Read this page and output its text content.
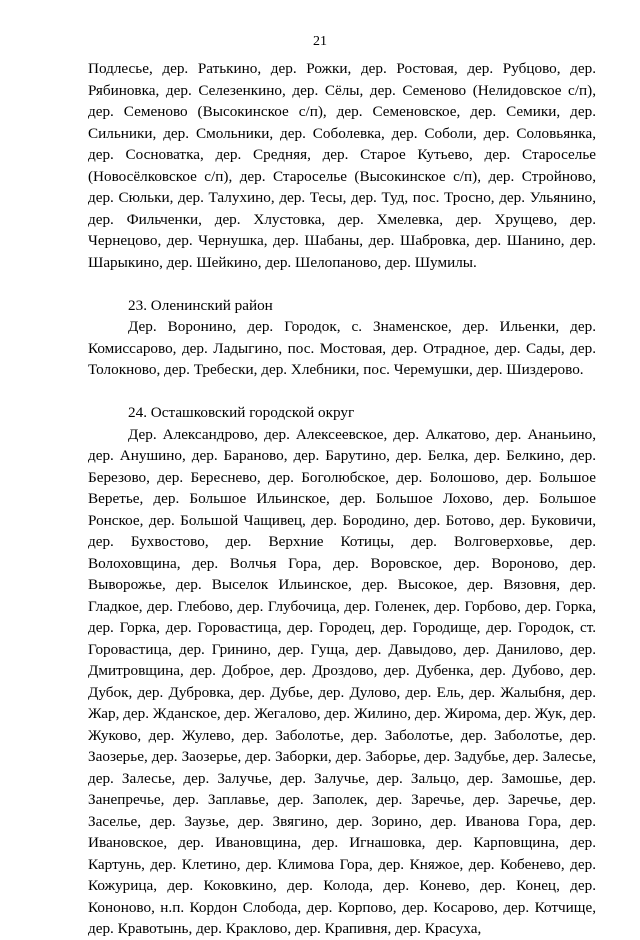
21

Подлесье, дер. Ратькино, дер. Рожки, дер. Ростовая, дер. Рубцово, дер. Рябиновка, дер. Селезенкино, дер. Сёлы, дер. Семеново (Нелидовское с/п), дер. Семеново (Высокинское с/п), дер. Семеновское, дер. Семики, дер. Сильники, дер. Смольники, дер. Соболевка, дер. Соболи, дер. Соловьянка, дер. Сосноватка, дер. Средняя, дер. Старое Кутьево, дер. Староселье (Новосёлковское с/п), дер. Староселье (Высокинское с/п), дер. Стройново, дер. Сюльки, дер. Талухино, дер. Тесы, дер. Туд, пос. Тросно, дер. Ульянино, дер. Фильченки, дер. Хлустовка, дер. Хмелевка, дер. Хрущево, дер. Чернецово, дер. Чернушка, дер. Шабаны, дер. Шабровка, дер. Шанино, дер. Шарыкино, дер. Шейкино, дер. Шелопаново, дер. Шумилы.

23. Оленинский район

Дер. Воронино, дер. Городок, с. Знаменское, дер. Ильенки, дер. Комиссарово, дер. Ладыгино, пос. Мостовая, дер. Отрадное, дер. Сады, дер. Толокново, дер. Требески, дер. Хлебники, пос. Черемушки, дер. Шиздерово.

24. Осташковский городской округ

Дер. Александрово, дер. Алексеевское, дер. Алкатово, дер. Ананьино, дер. Анушино, дер. Бараново, дер. Барутино, дер. Белка, дер. Белкино, дер. Березово, дер. Береснево, дер. Боголюбское, дер. Болошово, дер. Большое Веретье, дер. Большое Ильинское, дер. Большое Лохово, дер. Большое Ронское, дер. Большой Чащивец, дер. Бородино, дер. Ботово, дер. Буковичи, дер. Бухвостово, дер. Верхние Котицы, дер. Волговерховье, дер. Волоховщина, дер. Волчья Гора, дер. Воровское, дер. Вороново, дер. Выворожье, дер. Выселок Ильинское, дер. Высокое, дер. Вязовня, дер. Гладкое, дер. Глебово, дер. Глубочица, дер. Голенек, дер. Горбово, дер. Горка, дер. Горка, дер. Горовастица, дер. Городец, дер. Городище, дер. Городок, ст. Горовастица, дер. Гринино, дер. Гуща, дер. Давыдово, дер. Данилово, дер. Дмитровщина, дер. Доброе, дер. Дроздово, дер. Дубенка, дер. Дубово, дер. Дубок, дер. Дубровка, дер. Дубье, дер. Дулово, дер. Ель, дер. Жалыбня, дер. Жар, дер. Жданское, дер. Жегалово, дер. Жилино, дер. Жирома, дер. Жук, дер. Жуково, дер. Жулево, дер. Заболотье, дер. Заболотье, дер. Заболотье, дер. Заозерье, дер. Заозерье, дер. Заборки, дер. Заборье, дер. Задубье, дер. Залесье, дер. Залесье, дер. Залучье, дер. Залучье, дер. Зальцо, дер. Замошье, дер. Занепречье, дер. Заплавье, дер. Заполек, дер. Заречье, дер. Заречье, дер. Заселье, дер. Заузье, дер. Звягино, дер. Зорино, дер. Иванова Гора, дер. Ивановское, дер. Ивановщина, дер. Игнашовка, дер. Карповщина, дер. Картунь, дер. Клетино, дер. Климова Гора, дер. Княжое, дер. Кобенево, дер. Кожурица, дер. Коковкино, дер. Колода, дер. Конево, дер. Конец, дер. Кононово, н.п. Кордон Слобода, дер. Корпово, дер. Косарово, дер. Котчище, дер. Кравотынь, дер. Краклово, дер. Крапивня, дер. Красуха,
